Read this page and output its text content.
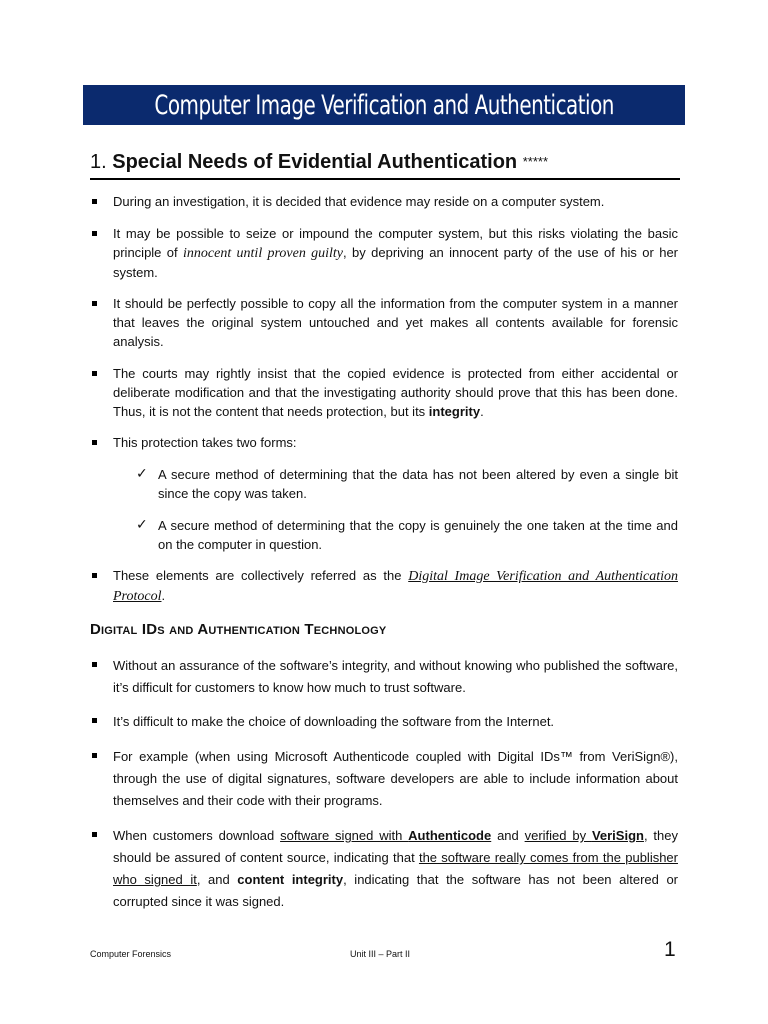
Computer Image Verification and Authentication
1. Special Needs of Evidential Authentication *****
During an investigation, it is decided that evidence may reside on a computer system.
It may be possible to seize or impound the computer system, but this risks violating the basic principle of innocent until proven guilty, by depriving an innocent party of the use of his or her system.
It should be perfectly possible to copy all the information from the computer system in a manner that leaves the original system untouched and yet makes all contents available for forensic analysis.
The courts may rightly insist that the copied evidence is protected from either accidental or deliberate modification and that the investigating authority should prove that this has been done. Thus, it is not the content that needs protection, but its integrity.
This protection takes two forms:
✓ A secure method of determining that the data has not been altered by even a single bit since the copy was taken.
✓ A secure method of determining that the copy is genuinely the one taken at the time and on the computer in question.
These elements are collectively referred as the Digital Image Verification and Authentication Protocol.
Digital IDs and Authentication Technology
Without an assurance of the software’s integrity, and without knowing who published the software, it’s difficult for customers to know how much to trust software.
It’s difficult to make the choice of downloading the software from the Internet.
For example (when using Microsoft Authenticode coupled with Digital IDs™ from VeriSign®), through the use of digital signatures, software developers are able to include information about themselves and their code with their programs.
When customers download software signed with Authenticode and verified by VeriSign, they should be assured of content source, indicating that the software really comes from the publisher who signed it, and content integrity, indicating that the software has not been altered or corrupted since it was signed.
Computer Forensics	Unit III – Part II	1
